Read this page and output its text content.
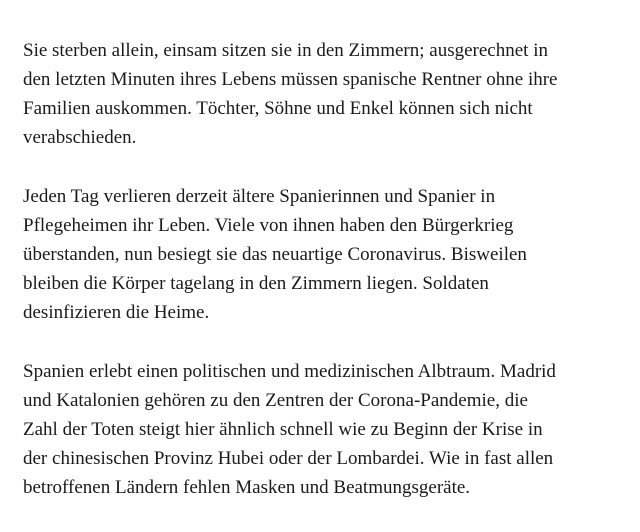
Sie sterben allein, einsam sitzen sie in den Zimmern; ausgerechnet in
den letzten Minuten ihres Lebens müssen spanische Rentner ohne ihre
Familien auskommen. Töchter, Söhne und Enkel können sich nicht
verabschieden.

Jeden Tag verlieren derzeit ältere Spanierinnen und Spanier in
Pflegeheimen ihr Leben. Viele von ihnen haben den Bürgerkrieg
überstanden, nun besiegt sie das neuartige Coronavirus. Bisweilen
bleiben die Körper tagelang in den Zimmern liegen. Soldaten
desinfizieren die Heime.

Spanien erlebt einen politischen und medizinischen Albtraum. Madrid
und Katalonien gehören zu den Zentren der Corona-Pandemie, die
Zahl der Toten steigt hier ähnlich schnell wie zu Beginn der Krise in
der chinesischen Provinz Hubei oder der Lombardei. Wie in fast allen
betroffenen Ländern fehlen Masken und Beatmungsgeräte.
